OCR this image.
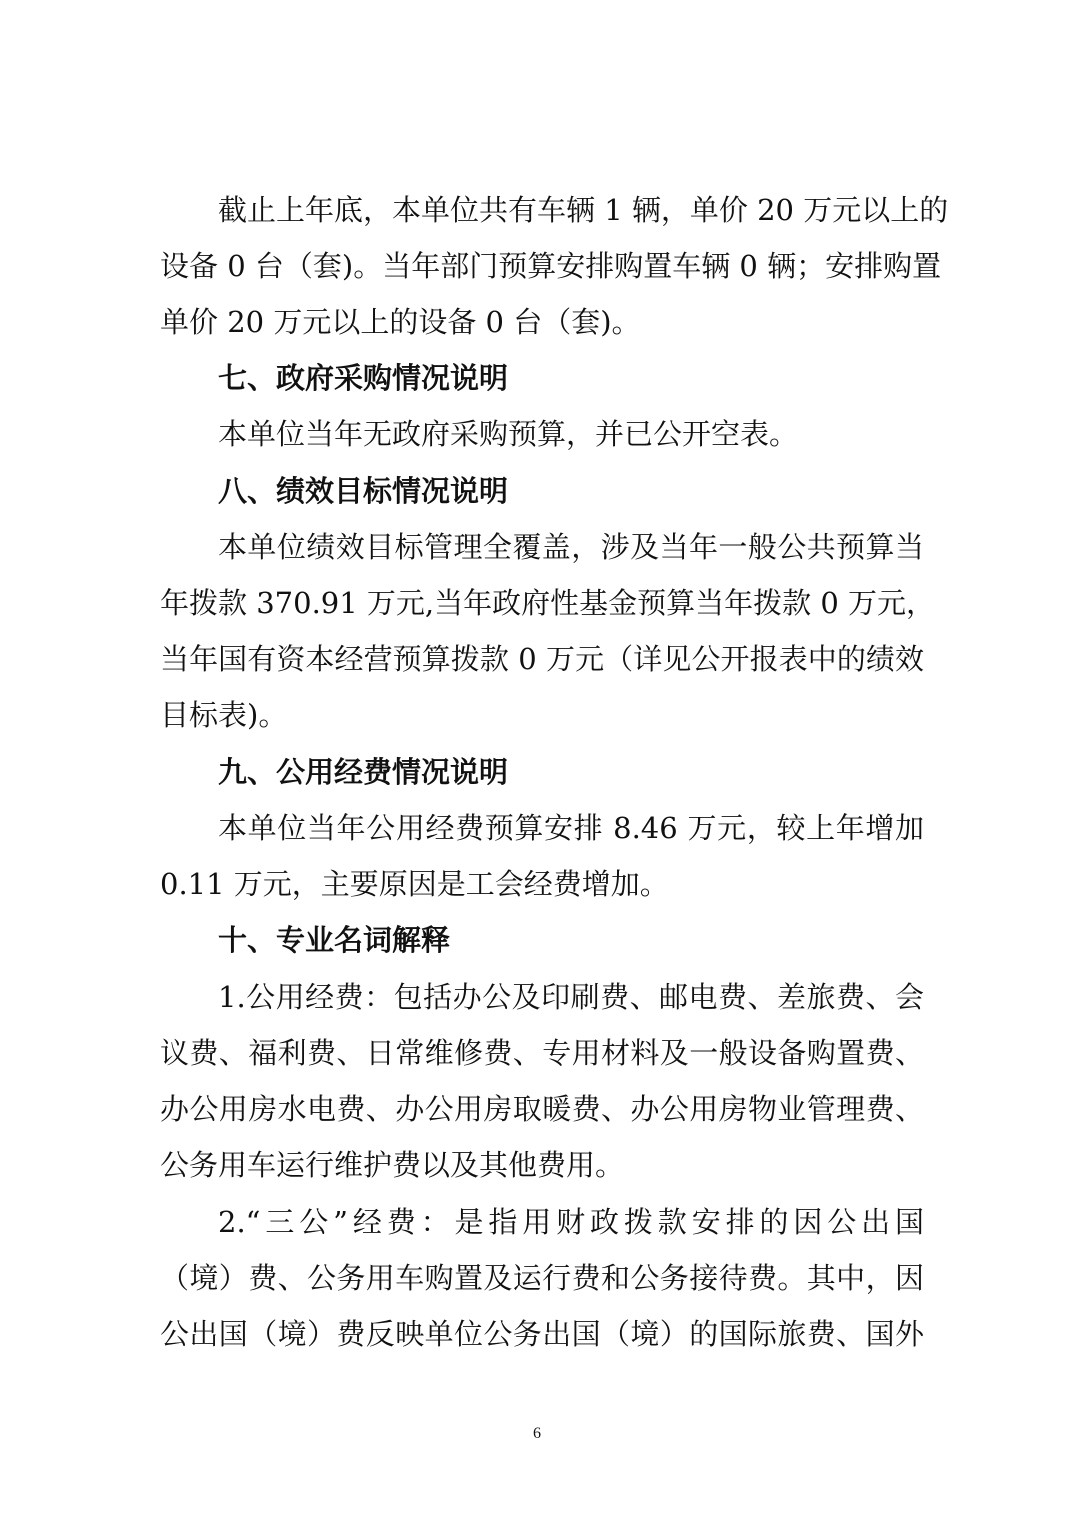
截止上年底，本单位共有车辆 1 辆，单价 20 万元以上的
设备 0 台（套)。当年部门预算安排购置车辆 0 辆；安排购置
单价 20 万元以上的设备 0 台（套)。
七、政府采购情况说明
本单位当年无政府采购预算，并已公开空表。
八、绩效目标情况说明
本单位绩效目标管理全覆盖，涉及当年一般公共预算当
年拨款 370.91 万元,当年政府性基金预算当年拨款 0 万元，
当年国有资本经营预算拨款 0 万元（详见公开报表中的绩效
目标表)。
九、公用经费情况说明
本单位当年公用经费预算安排 8.46 万元，较上年增加
0.11 万元，主要原因是工会经费增加。
十、专业名词解释
1.公用经费：包括办公及印刷费、邮电费、差旅费、会
议费、福利费、日常维修费、专用材料及一般设备购置费、
办公用房水电费、办公用房取暖费、办公用房物业管理费、
公务用车运行维护费以及其他费用。
2.“三公”经费：是指用财政拨款安排的因公出国
（境）费、公务用车购置及运行费和公务接待费。其中，因
公出国（境）费反映单位公务出国（境）的国际旅费、国外
6
